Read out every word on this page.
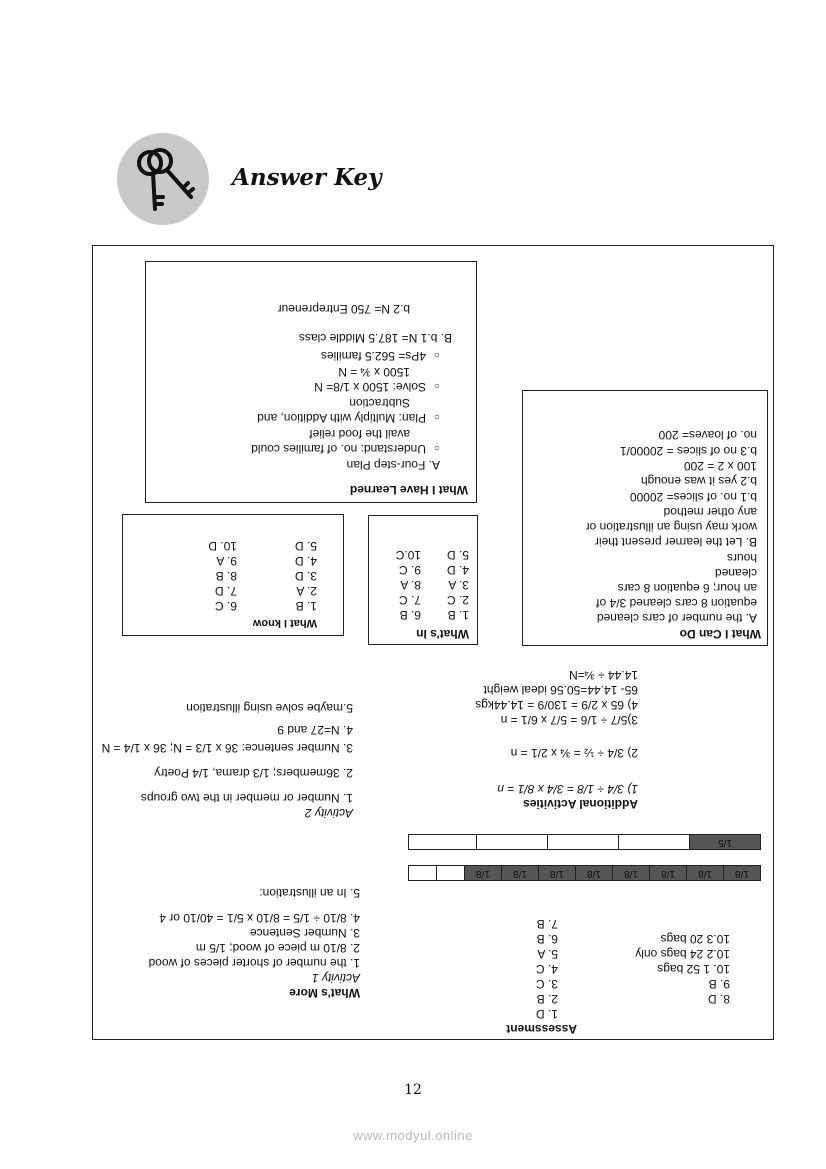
Answer Key
Assessment
1. D
2. B
3. C
4. C
5. A
6. B
7. B
8. D
9. B
10. 1 52 bags
10.2 24 bags only
10.3 20 bags
What's More
Activity 1
1. the number of shorter pieces of wood
2. 8/10 m piece of wood; 1/5 m
3. Number Sentence
4. 8/10 ÷ 1/5 = 8/10 x 5/1 = 40/10 or 4
5. In an illustration:
1/8
1/8
1/8
1/8
1/8
1/8
1/8
1/8
1/5
Activity 2
1. Number or member in the two groups
2. 36members; 1/3 drama, 1/4 Poetry
3. Number sentence: 36 x 1/3 = N; 36 x 1/4 = N
4. N=27 and 9
5.maybe solve using illustration
Additional Activities
1) 3/4 ÷ 1/8 = 3/4 x 8/1 = n
2) 3/4 ÷ ½ = ¾ x 2/1 = n
3)5/7 ÷ 1/6 = 5/7 x 6/1 = n
4) 65 x 2/9 = 130/9 = 14.44kgs
65- 14.44=50.56 ideal weight
14.44 ÷ ¾=N
What I Can Do
A. the number of cars cleaned
equation 8 cars cleaned 3/4 of
an hour; 6 equation 8 cars
cleaned
hours
B. Let the learner present their
work may using an illustration or
any other method
b.1 no. of slices= 20000
b.2 yes it was enough
100 x 2 = 200
b.3 no of slices = 20000/1
no. of loaves= 200
What's In
1. B
2. C
3. A
4. D
5. D
6. B
7. C
8. A
9. C
10.C
What I know
1. B
2. A
3. D
4. D
5. D
6. C
7. D
8. B
9. A
10. D
What I Have Learned
A. Four-step Plan
○Understand: no. of families could
avail the food relief
○Plan: Multiply with Addition, and
Subtraction
○Solve: 1500 x 1/8= N
1500 x ¾ = N
○4Ps= 562.5 families
B. b.1 N= 187.5 Middle class
b.2 N= 750 Entrepreneur
12
www.modyul.online
